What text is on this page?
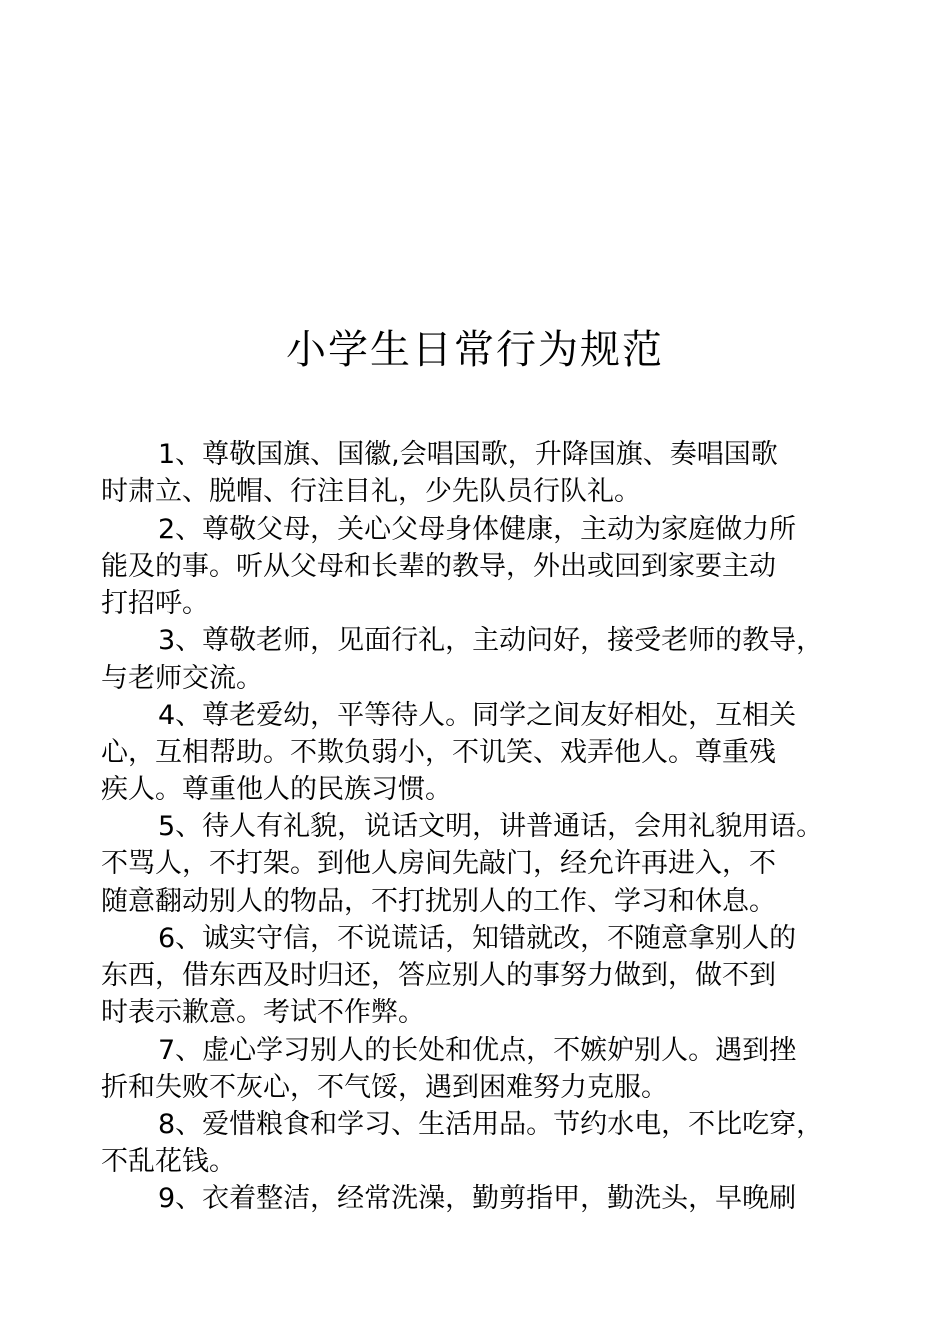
小学生日常行为规范
1、尊敬国旗、国徽,会唱国歌，升降国旗、奏唱国歌
时肃立、脱帽、行注目礼，少先队员行队礼。
2、尊敬父母，关心父母身体健康，主动为家庭做力所
能及的事。听从父母和长辈的教导，外出或回到家要主动
打招呼。
3、尊敬老师，见面行礼，主动问好，接受老师的教导，
与老师交流。
4、尊老爱幼，平等待人。同学之间友好相处，互相关
心，互相帮助。不欺负弱小，不讥笑、戏弄他人。尊重残
疾人。尊重他人的民族习惯。
5、待人有礼貌，说话文明，讲普通话，会用礼貌用语。
不骂人，不打架。到他人房间先敲门，经允许再进入，不
随意翻动别人的物品，不打扰别人的工作、学习和休息。
6、诚实守信，不说谎话，知错就改，不随意拿别人的
东西，借东西及时归还，答应别人的事努力做到，做不到
时表示歉意。考试不作弊。
7、虚心学习别人的长处和优点，不嫉妒别人。遇到挫
折和失败不灰心，不气馁，遇到困难努力克服。
8、爱惜粮食和学习、生活用品。节约水电，不比吃穿，
不乱花钱。
9、衣着整洁，经常洗澡，勤剪指甲，勤洗头，早晚刷
